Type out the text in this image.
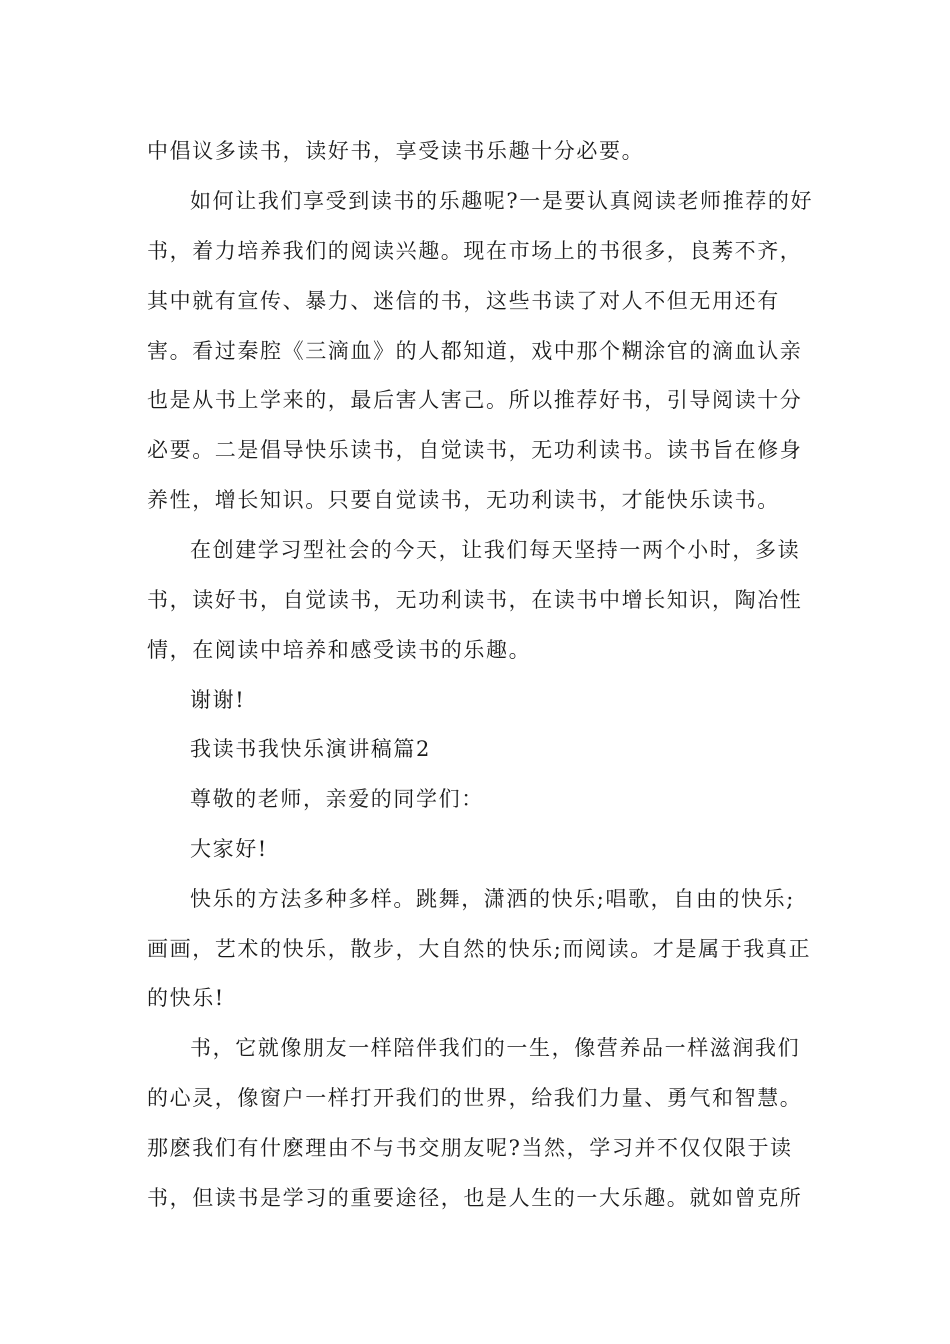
中倡议多读书，读好书，享受读书乐趣十分必要。
如何让我们享受到读书的乐趣呢?一是要认真阅读老师推荐的好
书，着力培养我们的阅读兴趣。现在市场上的书很多，良莠不齐，
其中就有宣传、暴力、迷信的书，这些书读了对人不但无用还有
害。看过秦腔《三滴血》的人都知道，戏中那个糊涂官的滴血认亲
也是从书上学来的，最后害人害己。所以推荐好书，引导阅读十分
必要。二是倡导快乐读书，自觉读书，无功利读书。读书旨在修身
养性，增长知识。只要自觉读书，无功利读书，才能快乐读书。
在创建学习型社会的今天，让我们每天坚持一两个小时，多读
书，读好书，自觉读书，无功利读书，在读书中增长知识，陶冶性
情，在阅读中培养和感受读书的乐趣。
谢谢!
我读书我快乐演讲稿篇2
尊敬的老师，亲爱的同学们：
大家好!
快乐的方法多种多样。跳舞，潇洒的快乐;唱歌，自由的快乐;
画画，艺术的快乐，散步，大自然的快乐;而阅读。才是属于我真正
的快乐!
书，它就像朋友一样陪伴我们的一生，像营养品一样滋润我们
的心灵，像窗户一样打开我们的世界，给我们力量、勇气和智慧。
那麽我们有什麽理由不与书交朋友呢?当然，学习并不仅仅限于读
书，但读书是学习的重要途径，也是人生的一大乐趣。就如曾克所
